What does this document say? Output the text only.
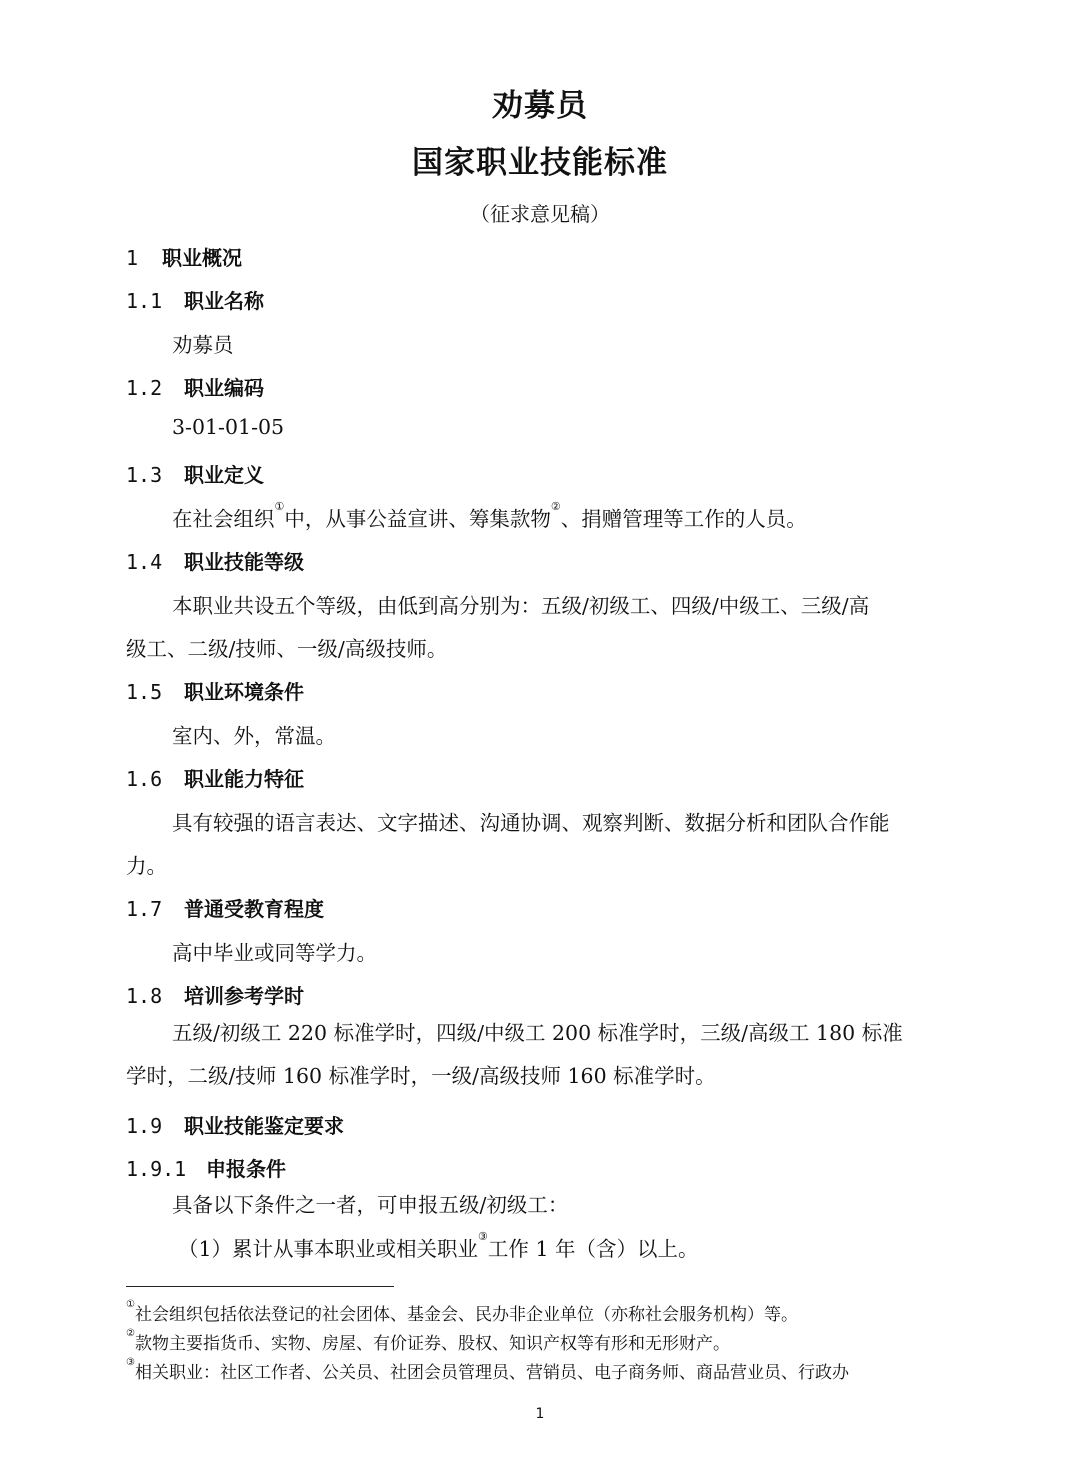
劝募员
国家职业技能标准
（征求意见稿）
1 职业概况
1.1 职业名称
劝募员
1.2 职业编码
3-01-01-05
1.3 职业定义
在社会组织①中，从事公益宣讲、筹集款物②、捐赠管理等工作的人员。
1.4 职业技能等级
本职业共设五个等级，由低到高分别为：五级/初级工、四级/中级工、三级/高
级工、二级/技师、一级/高级技师。
1.5 职业环境条件
室内、外，常温。
1.6 职业能力特征
具有较强的语言表达、文字描述、沟通协调、观察判断、数据分析和团队合作能
力。
1.7 普通受教育程度
高中毕业或同等学力。
1.8 培训参考学时
五级/初级工 220 标准学时，四级/中级工 200 标准学时，三级/高级工 180 标准
学时，二级/技师 160 标准学时，一级/高级技师 160 标准学时。
1.9 职业技能鉴定要求
1.9.1 申报条件
具备以下条件之一者，可申报五级/初级工：
（1）累计从事本职业或相关职业③工作 1 年（含）以上。
①社会组织包括依法登记的社会团体、基金会、民办非企业单位（亦称社会服务机构）等。
②款物主要指货币、实物、房屋、有价证券、股权、知识产权等有形和无形财产。
③相关职业：社区工作者、公关员、社团会员管理员、营销员、电子商务师、商品营业员、行政办
1
